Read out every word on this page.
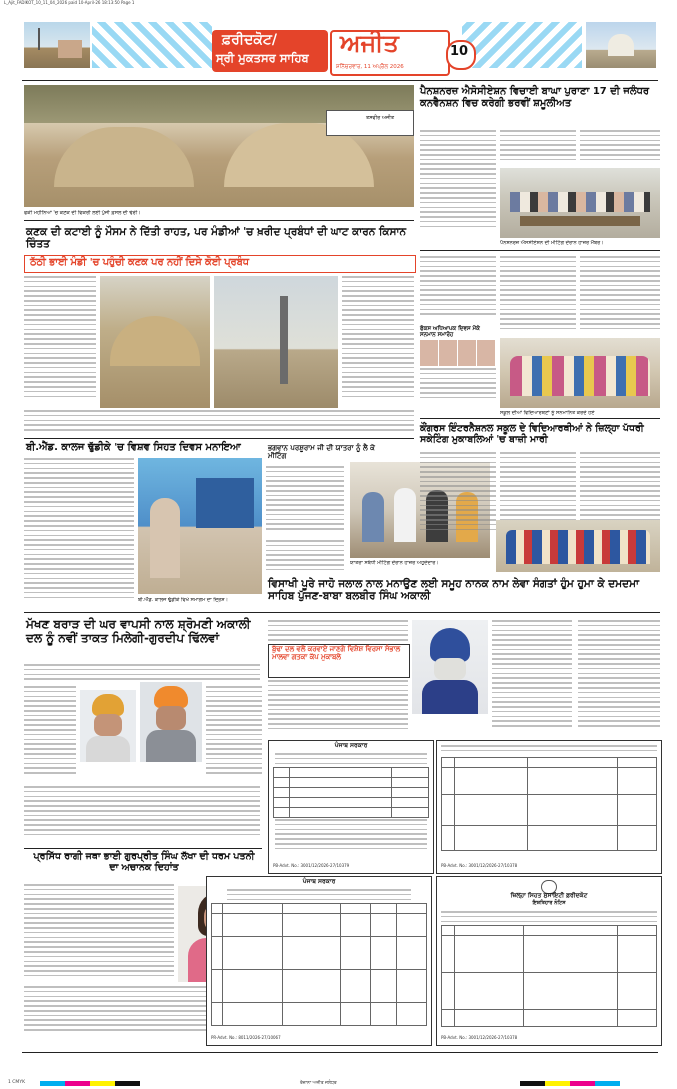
L_Ajit_FADIKOT_10_11_04_2026 paid 10-April-26 18:13:50 Page 1
ਫ਼ਰੀਦਕੋਟ/
ਸ੍ਰੀ ਮੁਕਤਸਰ ਸਾਹਿਬ
ਅਜੀਤ
ਸ਼ਨਿੱਚਰਵਾਰ, 11 ਅਪ੍ਰੈਲ 2026
10
ਤਸਵੀਰ ਅਜੀਤ
ਫੋਕੀ ਮਹੀਨਿਆਂ 'ਚ ਕਣਕ ਦੀ ਵਿਕਰੀ ਲਈ ਪੁੱਜੀ ਫ਼ਸਲ ਦੀ ਢੇਰੀ।
ਕਣਕ ਦੀ ਕਟਾਈ ਨੂੰ ਮੌਸਮ ਨੇ ਦਿੱਤੀ ਰਾਹਤ, ਪਰ ਮੰਡੀਆਂ 'ਚ ਖ਼ਰੀਦ ਪ੍ਰਬੰਧਾਂ ਦੀ ਘਾਟ ਕਾਰਨ ਕਿਸਾਨ ਚਿੰਤਤ
ਠੱਠੀ ਭਾਈ ਮੰਡੀ 'ਚ ਪਹੁੰਚੀ ਕਣਕ ਪਰ ਨਹੀਂ ਦਿਸੇ ਕੋਈ ਪ੍ਰਬੰਧ
ਬੀ.ਐੱਡ. ਕਾਲਜ ਢੁੱਡੀਕੇ 'ਚ ਵਿਸ਼ਵ ਸਿਹਤ ਦਿਵਸ ਮਨਾਇਆ
ਬੀ.ਐੱਡ. ਕਾਲਜ ਢੁੱਡੀਕੇ ਵਿਖੇ ਸਮਾਗਮ ਦਾ ਦ੍ਰਿਸ਼।
ਭਗਵਾਨ ਪਰਸ਼ੂਰਾਮ ਜੀ ਦੀ ਯਾਤਰਾ ਨੂੰ ਲੈ ਕੇ ਮੀਟਿੰਗ
ਯਾਤਰਾ ਸਬੰਧੀ ਮੀਟਿੰਗ ਦੌਰਾਨ ਹਾਜ਼ਰ ਅਹੁਦੇਦਾਰ।
ਪੈਨਸ਼ਨਰਜ਼ ਐਸੋਸੀਏਸ਼ਨ ਵਿਚਾਈ ਬਾਘਾ ਪੁਰਾਣਾ 17 ਦੀ ਜਲੰਧਰ ਕਨਵੈਨਸ਼ਨ ਵਿਚ ਕਰੇਗੀ ਭਰਵੀਂ ਸ਼ਮੂਲੀਅਤ
ਪੈਨਸ਼ਨਰਜ਼ ਐਸੋਸੀਏਸ਼ਨ ਦੀ ਮੀਟਿੰਗ ਦੌਰਾਨ ਹਾਜ਼ਰ ਮੈਂਬਰ।
ਫੋਕਸ ਅਧਿਆਪਕ ਦਿਵਸ ਮੌਕੇ ਸਨਮਾਨ ਸਮਾਰੋਹ
ਸਕੂਲ ਦੀਆਂ ਵਿਦਿਆਰਥਣਾਂ ਨੂੰ ਸਨਮਾਨਿਤ ਕਰਦੇ ਹੋਏ
ਕੌਂਗਰਸ ਇੰਟਰਨੈਸ਼ਨਲ ਸਕੂਲ ਦੇ ਵਿਦਿਆਰਥੀਆਂ ਨੇ ਜ਼ਿਲ੍ਹਾ ਪੱਧਰੀ ਸਕੇਟਿੰਗ ਮੁਕਾਬਲਿਆਂ 'ਚ ਬਾਜ਼ੀ ਮਾਰੀ
ਵਿਸਾਖੀ ਪੂਰੇ ਜਾਹੋ ਜਲਾਲ ਨਾਲ ਮਨਾਉਣ ਲਈ ਸਮੂਹ ਨਾਨਕ ਨਾਮ ਲੇਵਾ ਸੰਗਤਾਂ ਹੁੰਮ ਹੁਮਾ ਕੇ ਦਮਦਮਾ ਸਾਹਿਬ ਪੁੱਜਣ-ਬਾਬਾ ਬਲਬੀਰ ਸਿੰਘ ਅਕਾਲੀ
ਬੁੱਢਾ ਦਲ ਵਲੋਂ ਕਰਵਾਏ ਜਾਣਗੇ ਵਿਸ਼ੇਸ਼ ਵਿਰਸਾ ਸੰਭਾਲ ਮਾਲਵਾ ਗਤਕਾ ਕੱਪ ਮੁਕਾਬਲੇ
ਮੱਖਣ ਬਰਾੜ ਦੀ ਘਰ ਵਾਪਸੀ ਨਾਲ ਸ਼੍ਰੋਮਣੀ ਅਕਾਲੀ ਦਲ ਨੂੰ ਨਵੀਂ ਤਾਕਤ ਮਿਲੇਗੀ-ਗੁਰਦੀਪ ਢਿੱਲਵਾਂ
ਪ੍ਰਸਿੱਧ ਰਾਗੀ ਜਥਾ ਭਾਈ ਗੁਰਪ੍ਰੀਤ ਸਿੰਘ ਲੱਖਾ ਦੀ ਧਰਮ ਪਤਨੀ ਦਾ ਅਚਾਨਕ ਦਿਹਾਂਤ
ਪੰਜਾਬ ਸਰਕਾਰ

PB-Advt. No.: 3001/12/2026-27/10379

				PB-Advt. No.: 3001/12/2026-27/10378
ਪੰਜਾਬ ਸਰਕਾਰ

PR-Advt. No.: 8011/2026-27/10067
ਜ਼ਿਲ੍ਹਾ ਸਿਹਤ ਸੁਸਾਇਟੀ ਫ਼ਰੀਦਕੋਟ
ਇਸ਼ਤਿਹਾਰ ਨੋਟਿਸ

PB-Advt. No.: 3001/12/2026-27/10378
1 CMYK	ਰੋਜ਼ਾਨਾ ਅਜੀਤ ਜਲੰਧਰ
